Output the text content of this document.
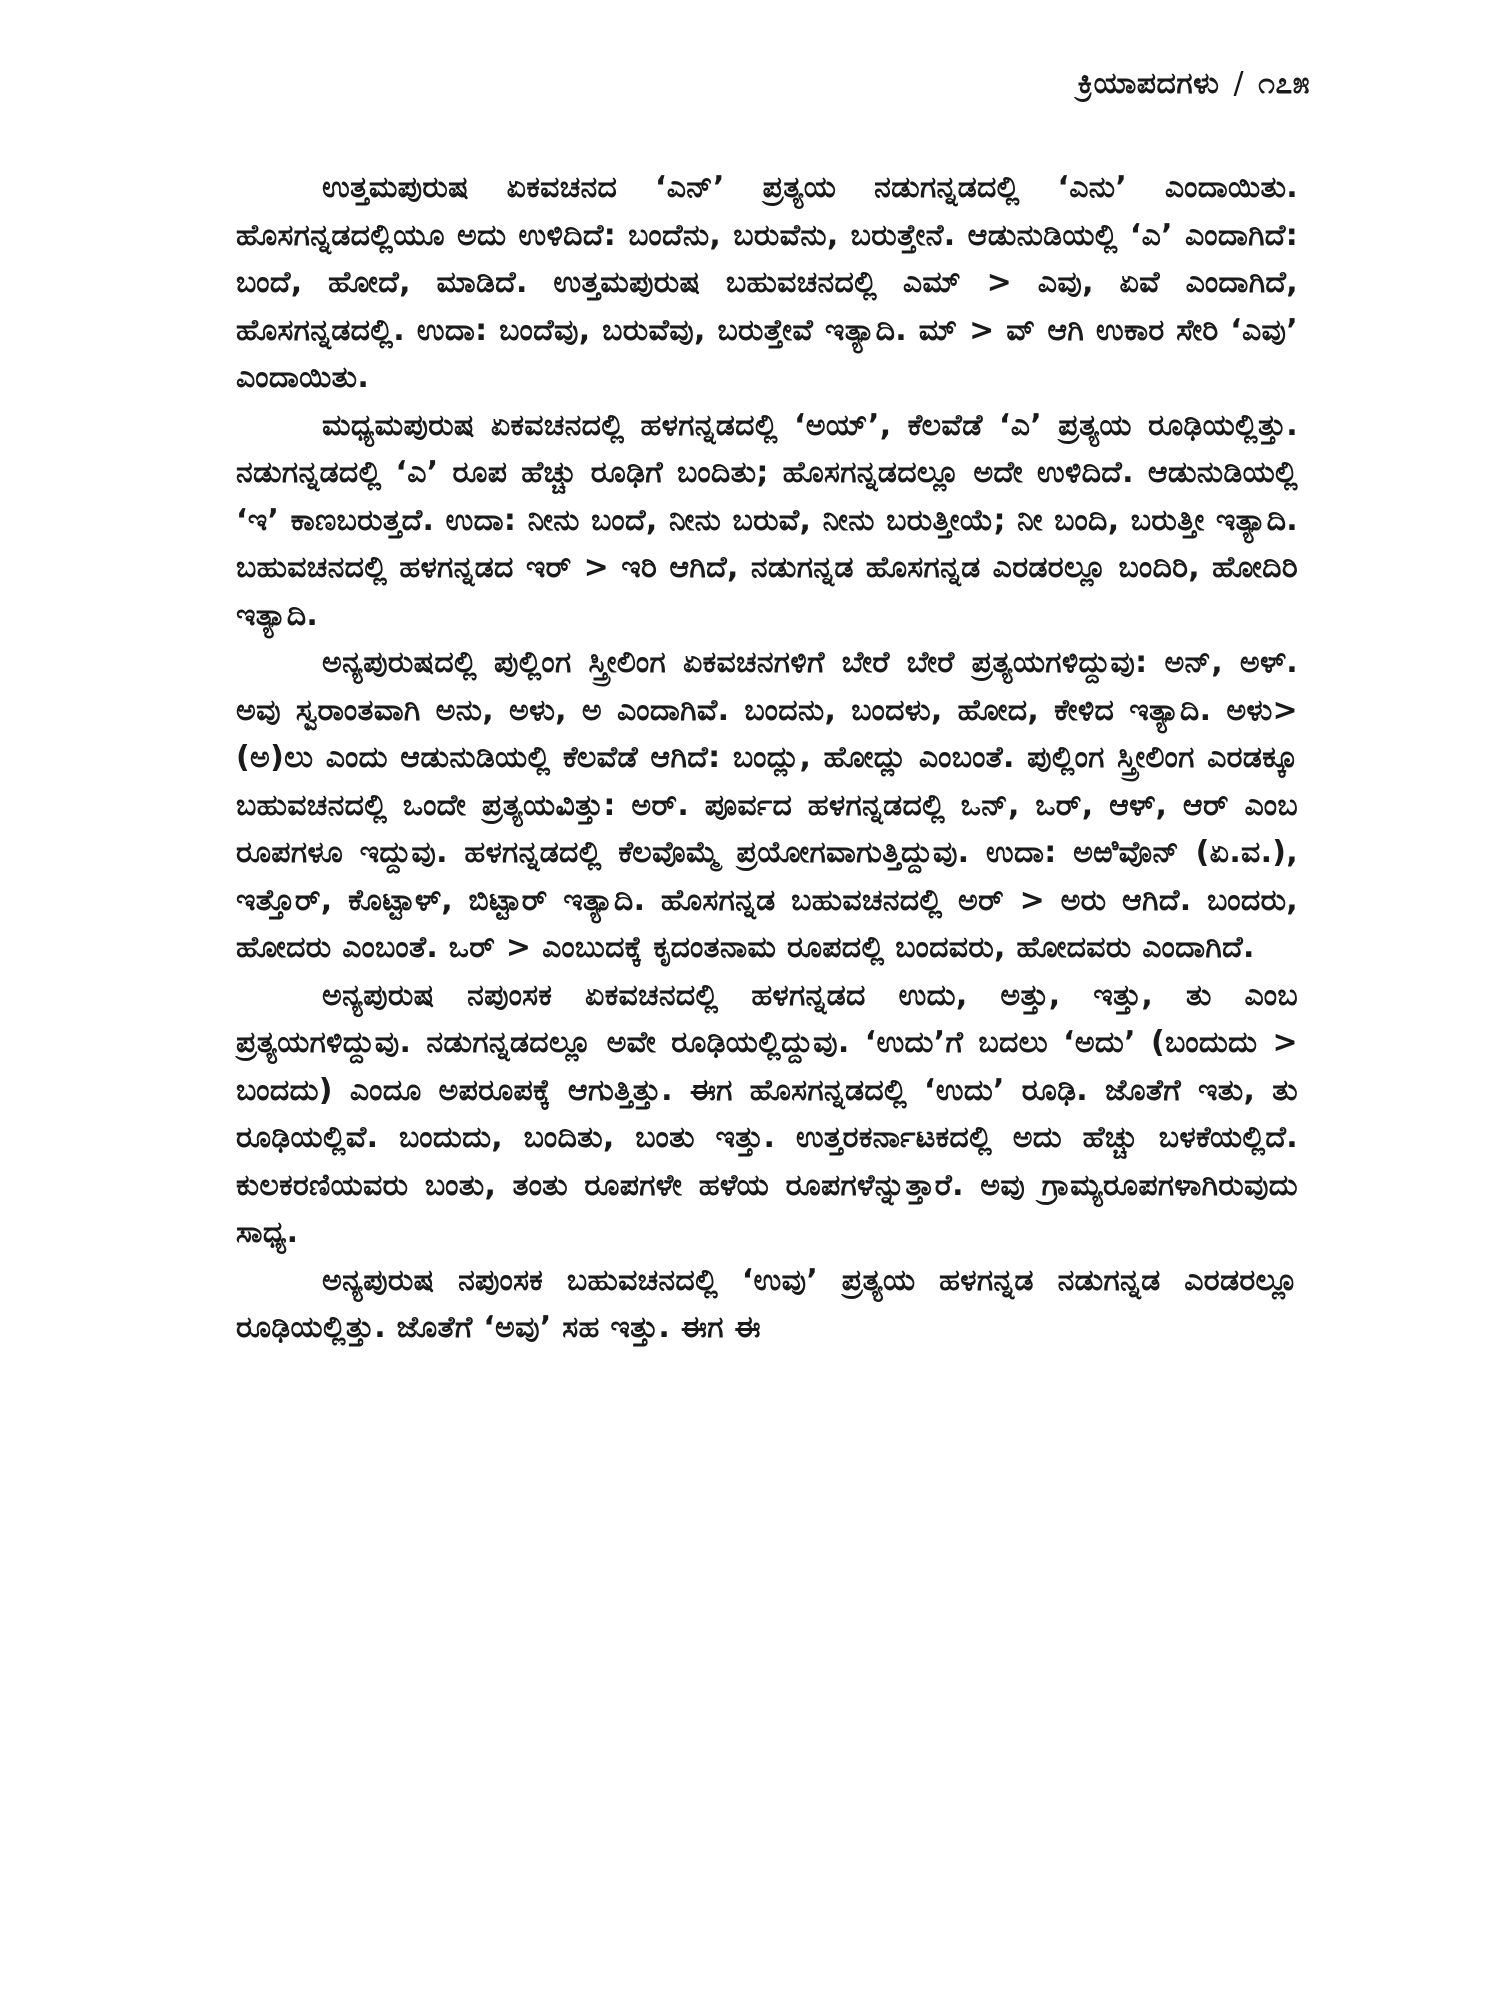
ಕ್ರಿಯಾಪದಗಳು / ೧೭೫

ಉತ್ತಮಪುರುಷ ಏಕವಚನದ ‘ಎನ್’ ಪ್ರತ್ಯಯ ನಡುಗನ್ನಡದಲ್ಲಿ ‘ಎನು’ ಎಂದಾಯಿತು. ಹೊಸಗನ್ನಡದಲ್ಲಿಯೂ ಅದು ಉಳಿದಿದೆ: ಬಂದೆನು, ಬರುವೆನು, ಬರುತ್ತೇನೆ. ಆಡುನುಡಿಯಲ್ಲಿ ‘ಎ’ ಎಂದಾಗಿದೆ: ಬಂದೆ, ಹೋದೆ, ಮಾಡಿದೆ. ಉತ್ತಮಪುರುಷ ಬಹುವಚನದಲ್ಲಿ ಎಮ್ > ಎವು, ಏವೆ ಎಂದಾಗಿದೆ, ಹೊಸಗನ್ನಡದಲ್ಲಿ. ಉದಾ: ಬಂದೆವು, ಬರುವೆವು, ಬರುತ್ತೇವೆ ಇತ್ಯಾದಿ. ಮ್ > ವ್ ಆಗಿ ಉಕಾರ ಸೇರಿ ‘ಎವು’ ಎಂದಾಯಿತು.

ಮಧ್ಯಮಪುರುಷ ಏಕವಚನದಲ್ಲಿ ಹಳಗನ್ನಡದಲ್ಲಿ ‘ಅಯ್’, ಕೆಲವೆಡೆ ‘ಎ’ ಪ್ರತ್ಯಯ ರೂಢಿಯಲ್ಲಿತ್ತು. ನಡುಗನ್ನಡದಲ್ಲಿ ‘ಎ’ ರೂಪ ಹೆಚ್ಚು ರೂಢಿಗೆ ಬಂದಿತು; ಹೊಸಗನ್ನಡದಲ್ಲೂ ಅದೇ ಉಳಿದಿದೆ. ಆಡುನುಡಿಯಲ್ಲಿ ‘ಇ’ ಕಾಣಬರುತ್ತದೆ. ಉದಾ: ನೀನು ಬಂದೆ, ನೀನು ಬರುವೆ, ನೀನು ಬರುತ್ತೀಯೆ; ನೀ ಬಂದಿ, ಬರುತ್ತೀ ಇತ್ಯಾದಿ. ಬಹುವಚನದಲ್ಲಿ ಹಳಗನ್ನಡದ ಇರ್ > ಇರಿ ಆಗಿದೆ, ನಡುಗನ್ನಡ ಹೊಸಗನ್ನಡ ಎರಡರಲ್ಲೂ ಬಂದಿರಿ, ಹೋದಿರಿ ಇತ್ಯಾದಿ.

ಅನ್ಯಪುರುಷದಲ್ಲಿ ಪುಲ್ಲಿಂಗ ಸ್ತ್ರೀಲಿಂಗ ಏಕವಚನಗಳಿಗೆ ಬೇರೆ ಬೇರೆ ಪ್ರತ್ಯಯಗಳಿದ್ದುವು: ಅನ್, ಅಳ್. ಅವು ಸ್ವರಾಂತವಾಗಿ ಅನು, ಅಳು, ಅ ಎಂದಾಗಿವೆ. ಬಂದನು, ಬಂದಳು, ಹೋದ, ಕೇಳಿದ ಇತ್ಯಾದಿ. ಅಳು>(ಅ)ಲು ಎಂದು ಆಡುನುಡಿಯಲ್ಲಿ ಕೆಲವೆಡೆ ಆಗಿದೆ: ಬಂದ್ಲು, ಹೋದ್ಲು ಎಂಬಂತೆ. ಪುಲ್ಲಿಂಗ ಸ್ತ್ರೀಲಿಂಗ ಎರಡಕ್ಕೂ ಬಹುವಚನದಲ್ಲಿ ಒಂದೇ ಪ್ರತ್ಯಯವಿತ್ತು: ಅರ್. ಪೂರ್ವದ ಹಳಗನ್ನಡದಲ್ಲಿ ಒನ್, ಒರ್, ಆಳ್, ಆರ್ ಎಂಬ ರೂಪಗಳೂ ಇದ್ದುವು. ಹಳಗನ್ನಡದಲ್ಲಿ ಕೆಲವೊಮ್ಮೆ ಪ್ರಯೋಗವಾಗುತ್ತಿದ್ದುವು. ಉದಾ: ಅಱಿವೊನ್ (ಏ.ವ.), ಇತ್ತೊರ್, ಕೊಟ್ಟಾಳ್, ಬಿಟ್ಟಾರ್ ಇತ್ಯಾದಿ. ಹೊಸಗನ್ನಡ ಬಹುವಚನದಲ್ಲಿ ಅರ್ > ಅರು ಆಗಿದೆ. ಬಂದರು, ಹೋದರು ಎಂಬಂತೆ. ಒರ್ > ಎಂಬುದಕ್ಕೆ ಕೃದಂತನಾಮ ರೂಪದಲ್ಲಿ ಬಂದವರು, ಹೋದವರು ಎಂದಾಗಿದೆ.

ಅನ್ಯಪುರುಷ ನಪುಂಸಕ ಏಕವಚನದಲ್ಲಿ ಹಳಗನ್ನಡದ ಉದು, ಅತ್ತು, ಇತ್ತು, ತು ಎಂಬ ಪ್ರತ್ಯಯಗಳಿದ್ದುವು. ನಡುಗನ್ನಡದಲ್ಲೂ ಅವೇ ರೂಢಿಯಲ್ಲಿದ್ದುವು. ‘ಉದು’ಗೆ ಬದಲು ‘ಅದು’ (ಬಂದುದು > ಬಂದದು) ಎಂದೂ ಅಪರೂಪಕ್ಕೆ ಆಗುತ್ತಿತ್ತು. ಈಗ ಹೊಸಗನ್ನಡದಲ್ಲಿ ‘ಉದು’ ರೂಢಿ. ಜೊತೆಗೆ ಇತು, ತು ರೂಢಿಯಲ್ಲಿವೆ. ಬಂದುದು, ಬಂದಿತು, ಬಂತು ಇತ್ತು. ಉತ್ತರಕರ್ನಾಟಕದಲ್ಲಿ ಅದು ಹೆಚ್ಚು ಬಳಕೆಯಲ್ಲಿದೆ. ಕುಲಕರಣಿಯವರು ಬಂತು, ತಂತು ರೂಪಗಳೇ ಹಳೆಯ ರೂಪಗಳೆನ್ನುತ್ತಾರೆ. ಅವು ಗ್ರಾಮ್ಯರೂಪಗಳಾಗಿರುವುದು ಸಾಧ್ಯ.

ಅನ್ಯಪುರುಷ ನಪುಂಸಕ ಬಹುವಚನದಲ್ಲಿ ‘ಉವು’ ಪ್ರತ್ಯಯ ಹಳಗನ್ನಡ ನಡುಗನ್ನಡ ಎರಡರಲ್ಲೂ ರೂಢಿಯಲ್ಲಿತ್ತು. ಜೊತೆಗೆ ‘ಅವು’ ಸಹ ಇತ್ತು. ಈಗ ಈ
